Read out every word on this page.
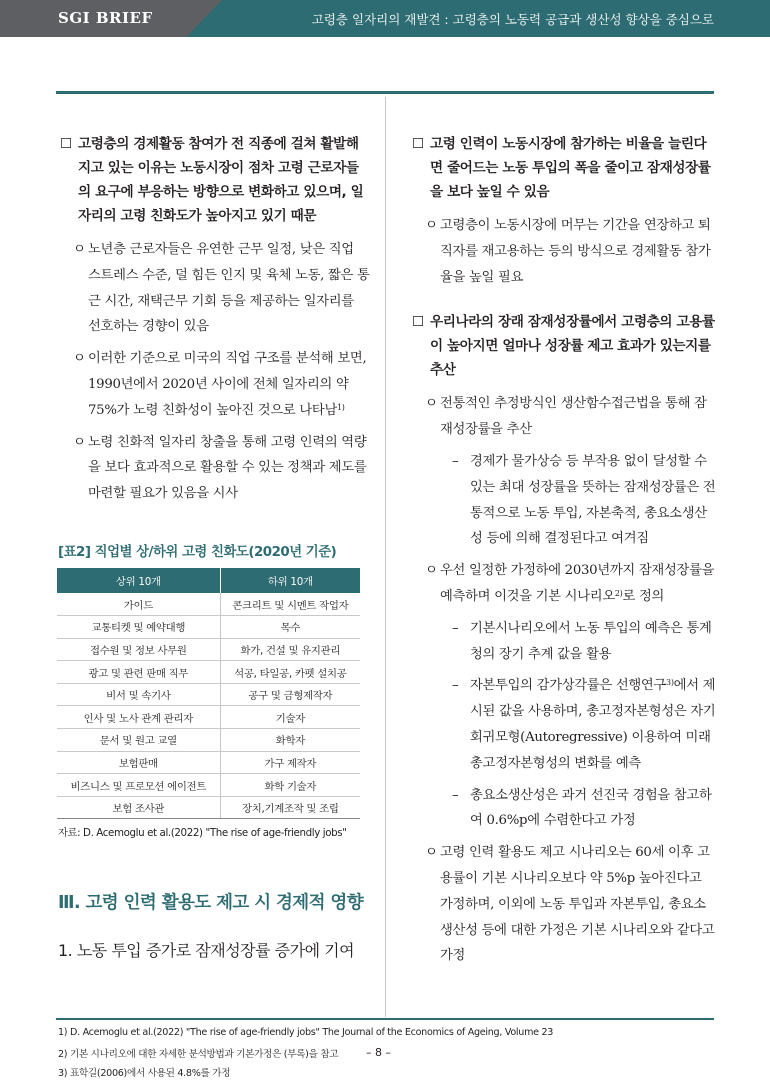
SGI BRIEF	고령층 일자리의 재발견 : 고령층의 노동력 공급과 생산성 향상을 중심으로
☐ 고령층의 경제활동 참여가 전 직종에 걸쳐 활발해지고 있는 이유는 노동시장이 점차 고령 근로자들의 요구에 부응하는 방향으로 변화하고 있으며, 일자리의 고령 친화도가 높아지고 있기 때문
ㅇ 노년층 근로자들은 유연한 근무 일정, 낮은 직업 스트레스 수준, 덜 힘든 인지 및 육체 노동, 짧은 통근 시간, 재택근무 기회 등을 제공하는 일자리를 선호하는 경향이 있음
ㅇ 이러한 기준으로 미국의 직업 구조를 분석해 보면, 1990년에서 2020년 사이에 전체 일자리의 약 75%가 노령 친화성이 높아진 것으로 나타남$^{1)}$
ㅇ 노령 친화적 일자리 창출을 통해 고령 인력의 역량을 보다 효과적으로 활용할 수 있는 정책과 제도를 마련할 필요가 있음을 시사
[표2] 직업별 상/하위 고령 친화도(2020년 기준)
상위 10개	하위 10개
가이드	콘크리트 및 시멘트 작업자
교통티켓 및 예약대행	목수
접수원 및 정보 사무원	화가, 건설 및 유지관리
광고 및 관련 판매 직무	석공, 타일공, 카펫 설치공
비서 및 속기사	공구 및 금형제작자
인사 및 노사 관계 관리자	기술자
문서 및 원고 교열	화학자
보험판매	가구 제작자
비즈니스 및 프로모션 에이전트	화학 기술자
보험 조사관	장치,기계조작 및 조립
자료: D. Acemoglu et al.(2022) "The rise of age-friendly jobs"
Ⅲ. 고령 인력 활용도 제고 시 경제적 영향
1. 노동 투입 증가로 잠재성장률 증가에 기여
☐ 고령 인력이 노동시장에 참가하는 비율을 늘린다면 줄어드는 노동 투입의 폭을 줄이고 잠재성장률을 보다 높일 수 있음
ㅇ 고령층이 노동시장에 머무는 기간을 연장하고 퇴직자를 재고용하는 등의 방식으로 경제활동 참가율을 높일 필요
☐ 우리나라의 장래 잠재성장률에서 고령층의 고용률이 높아지면 얼마나 성장률 제고 효과가 있는지를 추산
ㅇ 전통적인 추정방식인 생산함수접근법을 통해 잠재성장률을 추산
– 경제가 물가상승 등 부작용 없이 달성할 수 있는 최대 성장률을 뜻하는 잠재성장률은 전통적으로 노동 투입, 자본축적, 총요소생산성 등에 의해 결정된다고 여겨짐
ㅇ 우선 일정한 가정하에 2030년까지 잠재성장률을 예측하며 이것을 기본 시나리오$^{2)}$로 정의
– 기본시나리오에서 노동 투입의 예측은 통계청의 장기 추계 값을 활용
– 자본투입의 감가상각률은 선행연구$^{3)}$에서 제시된 값을 사용하며, 총고정자본형성은 자기회귀모형(Autoregressive) 이용하여 미래 총고정자본형성의 변화를 예측
– 총요소생산성은 과거 선진국 경험을 참고하여 0.6%p에 수렴한다고 가정
ㅇ 고령 인력 활용도 제고 시나리오는 60세 이후 고용률이 기본 시나리오보다 약 5%p 높아진다고 가정하며, 이외에 노동 투입과 자본투입, 총요소생산성 등에 대한 가정은 기본 시나리오와 같다고 가정
1) D. Acemoglu et al.(2022) "The rise of age-friendly jobs" The Journal of the Economics of Ageing, Volume 23
2) 기본 시나리오에 대한 자세한 분석방법과 기본가정은 (부록)을 참고	– 8 –
3) 표학길(2006)에서 사용된 4.8%를 가정
